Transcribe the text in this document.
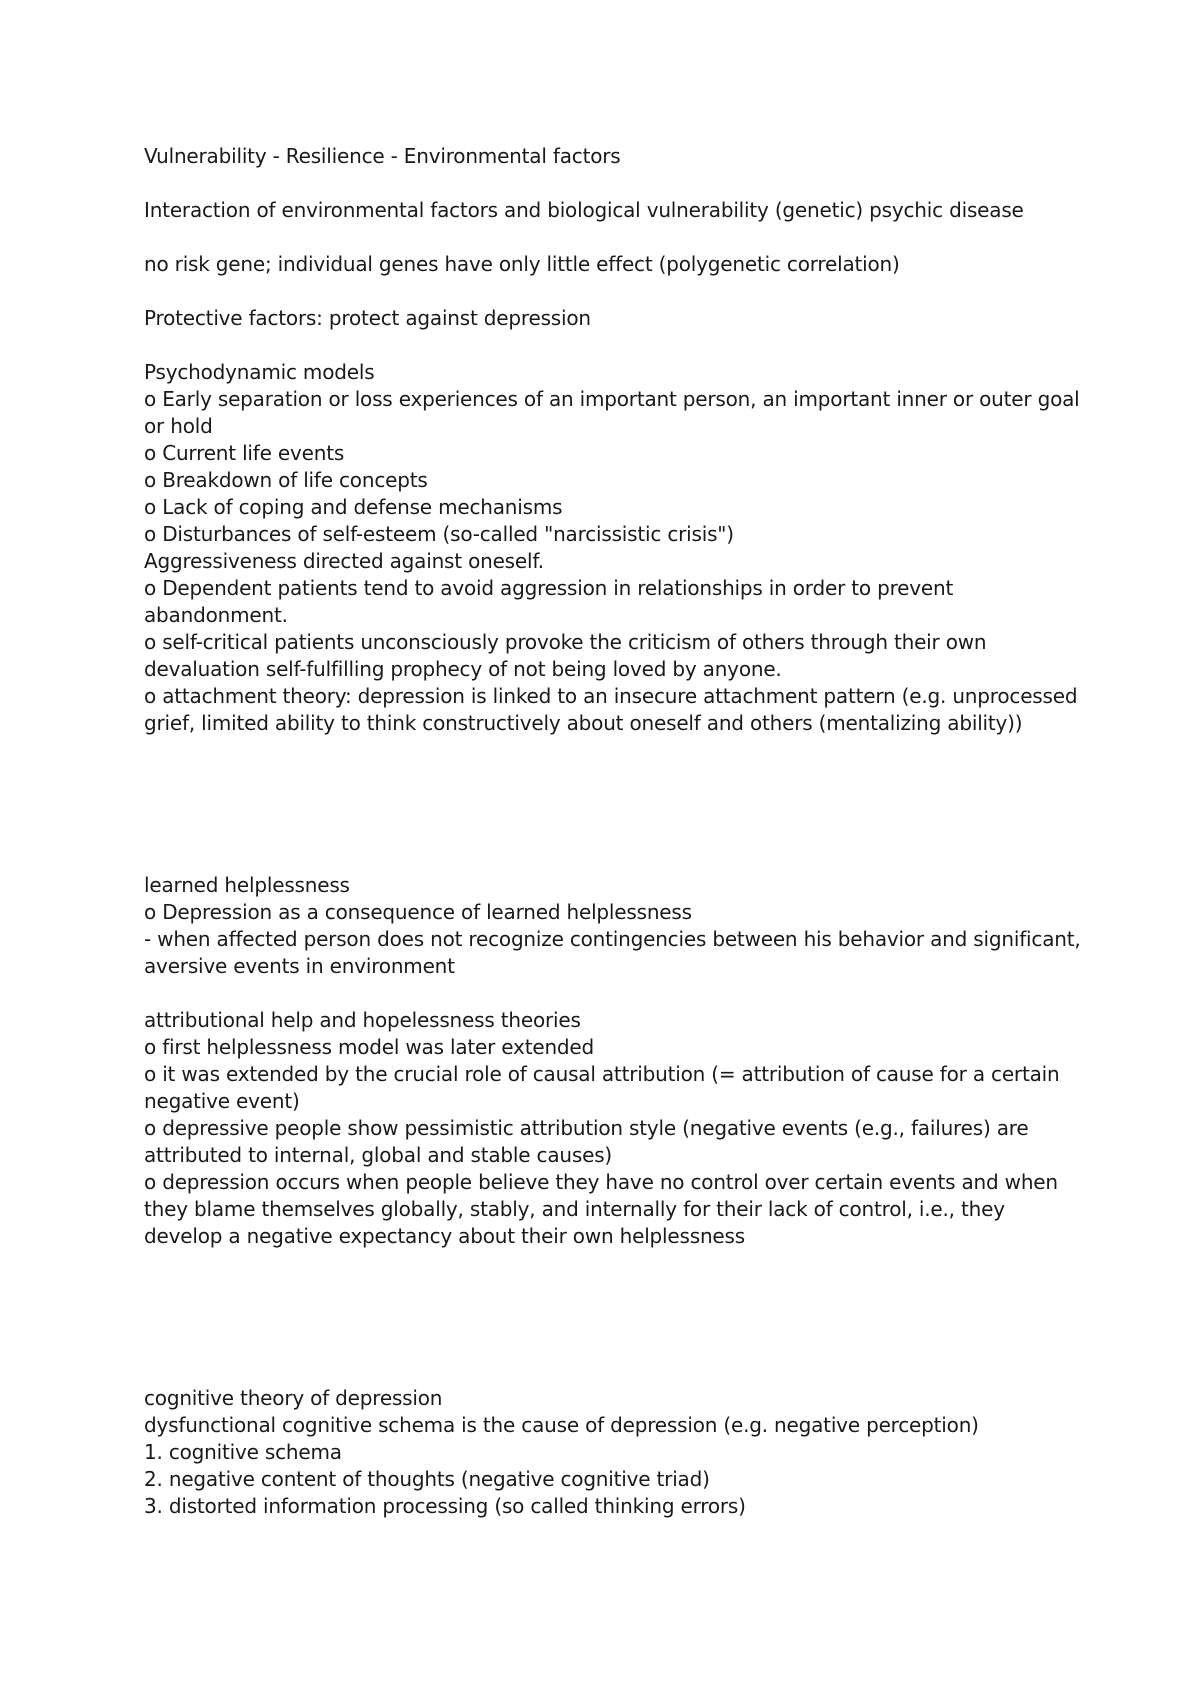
Vulnerability - Resilience - Environmental factors
Interaction of environmental factors and biological vulnerability (genetic) psychic disease
no risk gene; individual genes have only little effect (polygenetic correlation)
Protective factors: protect against depression
Psychodynamic models
o Early separation or loss experiences of an important person, an important inner or outer goal or hold
o Current life events
o Breakdown of life concepts
o Lack of coping and defense mechanisms
o Disturbances of self-esteem (so-called "narcissistic crisis")
Aggressiveness directed against oneself.
o Dependent patients tend to avoid aggression in relationships in order to prevent abandonment.
o self-critical patients unconsciously provoke the criticism of others through their own devaluation self-fulfilling prophecy of not being loved by anyone.
o attachment theory: depression is linked to an insecure attachment pattern (e.g. unprocessed grief, limited ability to think constructively about oneself and others (mentalizing ability))
learned helplessness
o Depression as a consequence of learned helplessness
- when affected person does not recognize contingencies between his behavior and significant, aversive events in environment
attributional help and hopelessness theories
o first helplessness model was later extended
o it was extended by the crucial role of causal attribution (= attribution of cause for a certain negative event)
o depressive people show pessimistic attribution style (negative events (e.g., failures) are attributed to internal, global and stable causes)
o depression occurs when people believe they have no control over certain events and when they blame themselves globally, stably, and internally for their lack of control, i.e., they develop a negative expectancy about their own helplessness
cognitive theory of depression
dysfunctional cognitive schema is the cause of depression (e.g. negative perception)
1. cognitive schema
2. negative content of thoughts (negative cognitive triad)
3. distorted information processing (so called thinking errors)
